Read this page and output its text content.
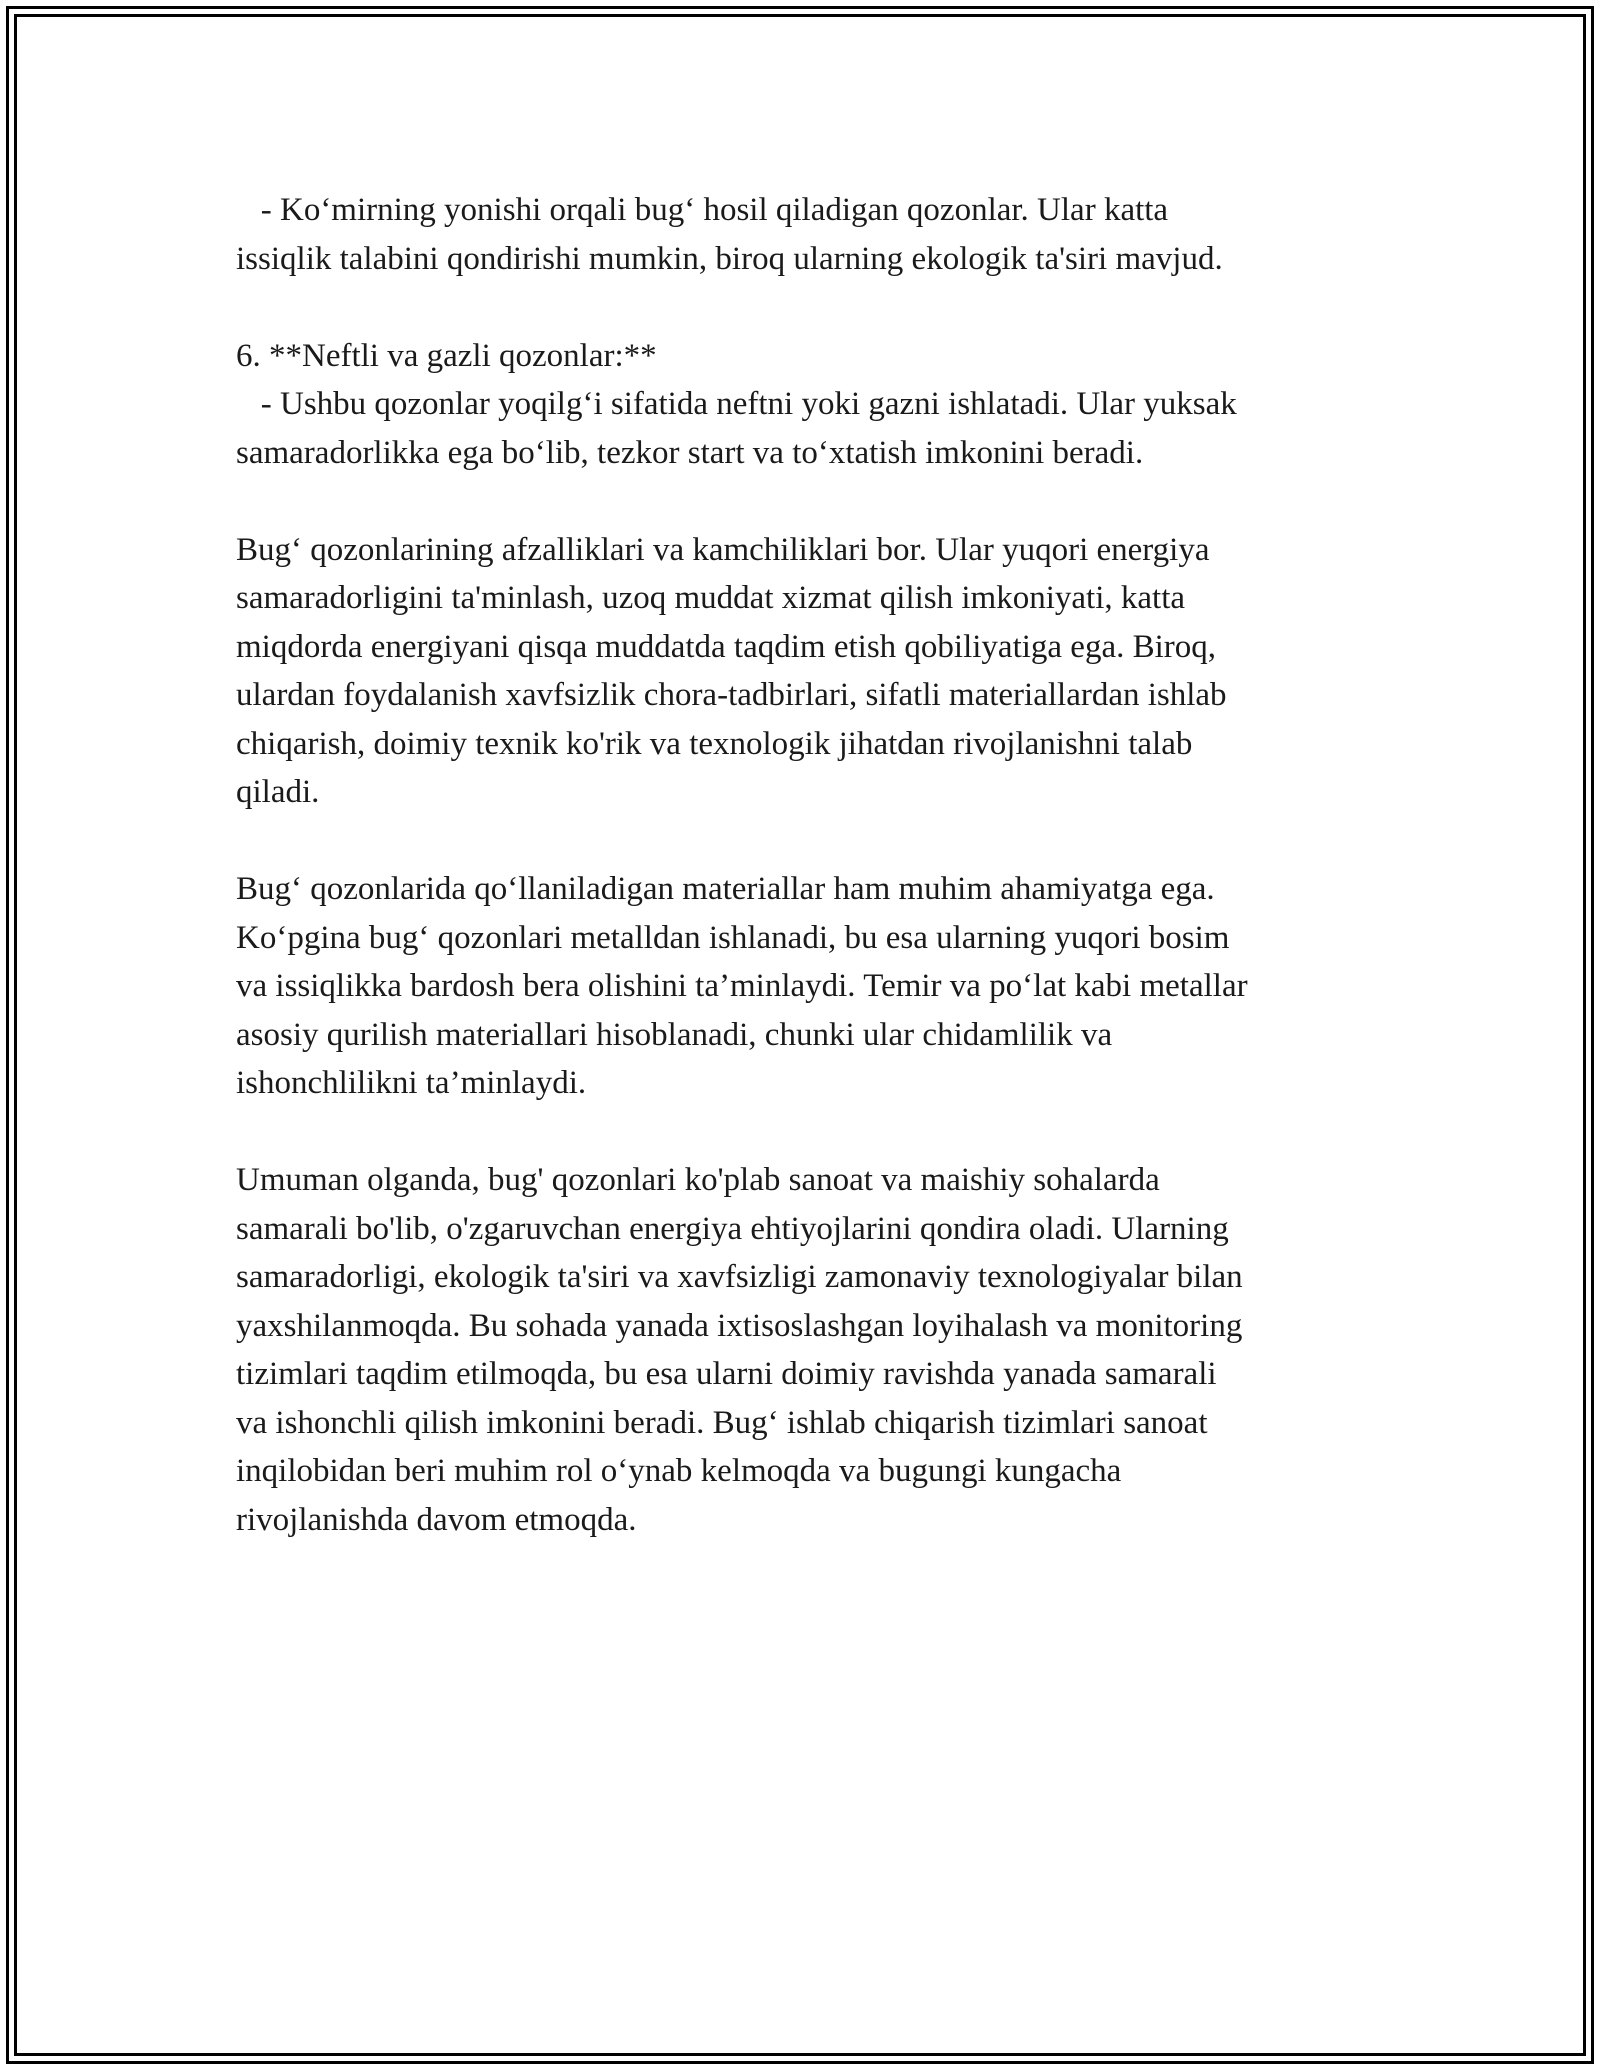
- Ko‘mirning yonishi orqali bug‘ hosil qiladigan qozonlar. Ular katta
issiqlik talabini qondirishi mumkin, biroq ularning ekologik ta'siri mavjud.
6. **Neftli va gazli qozonlar:**
- Ushbu qozonlar yoqilg‘i sifatida neftni yoki gazni ishlatadi. Ular yuksak
samaradorlikka ega bo‘lib, tezkor start va to‘xtatish imkonini beradi.
Bug‘ qozonlarining afzalliklari va kamchiliklari bor. Ular yuqori energiya
samaradorligini ta'minlash, uzoq muddat xizmat qilish imkoniyati, katta
miqdorda energiyani qisqa muddatda taqdim etish qobiliyatiga ega. Biroq,
ulardan foydalanish xavfsizlik chora-tadbirlari, sifatli materiallardan ishlab
chiqarish, doimiy texnik ko'rik va texnologik jihatdan rivojlanishni talab
qiladi.
Bug‘ qozonlarida qo‘llaniladigan materiallar ham muhim ahamiyatga ega.
Ko‘pgina bug‘ qozonlari metalldan ishlanadi, bu esa ularning yuqori bosim
va issiqlikka bardosh bera olishini ta’minlaydi. Temir va po‘lat kabi metallar
asosiy qurilish materiallari hisoblanadi, chunki ular chidamlilik va
ishonchlilikni ta’minlaydi.
Umuman olganda, bug' qozonlari ko'plab sanoat va maishiy sohalarda
samarali bo'lib, o'zgaruvchan energiya ehtiyojlarini qondira oladi. Ularning
samaradorligi, ekologik ta'siri va xavfsizligi zamonaviy texnologiyalar bilan
yaxshilanmoqda. Bu sohada yanada ixtisoslashgan loyihalash va monitoring
tizimlari taqdim etilmoqda, bu esa ularni doimiy ravishda yanada samarali
va ishonchli qilish imkonini beradi. Bug‘ ishlab chiqarish tizimlari sanoat
inqilobidan beri muhim rol o‘ynab kelmoqda va bugungi kungacha
rivojlanishda davom etmoqda.
